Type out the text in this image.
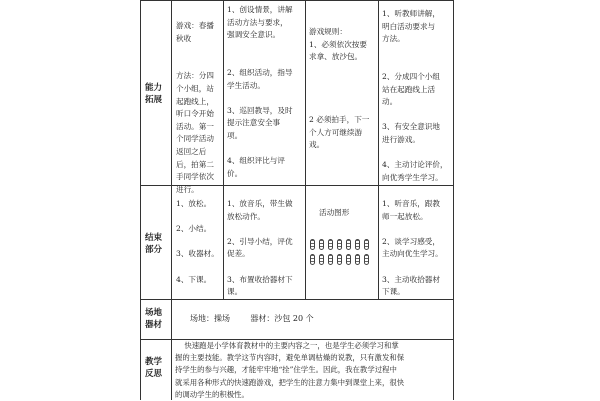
能力
拓展
游戏：春播
秋收

方法：分四
个小组，站
起跑线上，
听口令开始
活动。第一
个同学活动
返回之后
后，拍第二
手同学依次
进行。
1、创设情景，讲解
活动方法与要求，
强调安全意识。

2、组织活动，指导
学生活动。

3、巡回教导，及时
提示注意安全事
项。

4、组织评比与评
价。
游戏规则：
1、必须依次按要
求拿、放沙包。

2 必须拍手，下一
个人方可继续游
戏。
1、听教师讲解，
明白活动要求与
方法。

2、分成四个小组
站在起跑线上活
动。

3、有安全意识地
进行游戏。

4、主动讨论评价，
向优秀学生学习。
结束
部分
1、放松。

2、小结。

3、收器材。

4、下课。
1、放音乐，带生做
放松动作。

2、引导小结，评优
促差。

3、布置收拾器材下
课。
活动图形
1、听音乐，跟教
师一起放松。

2、谈学习感受，
主动向优生学习。

3、主动收拾器材
下课。
场地
器材
场地：操场        器材：沙包 20 个
教学
反思
快速跑是小学体育教材中的主要内容之一，也是学生必须学习和掌
握的主要技能。教学这节内容时，避免单调枯燥的说教，只有激发和保
持学生的参与兴趣，才能牢牢地“拴”住学生。因此，我在教学过程中
就采用各种形式的快速跑游戏，把学生的注意力集中到课堂上来，很快
的调动学生的积极性。
